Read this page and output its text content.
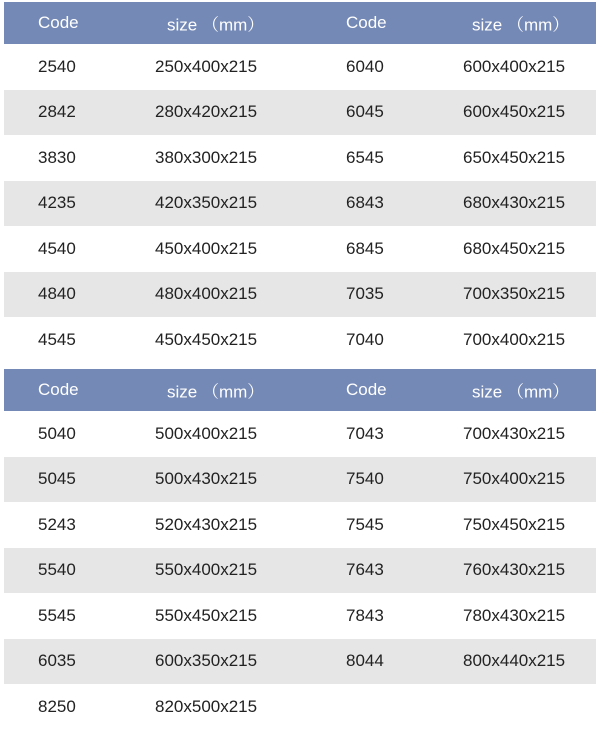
Code	size （mm）	Code	size （mm）
2540	250x400x215	6040	600x400x215
2842	280x420x215	6045	600x450x215
3830	380x300x215	6545	650x450x215
4235	420x350x215	6843	680x430x215
4540	450x400x215	6845	680x450x215
4840	480x400x215	7035	700x350x215
4545	450x450x215	7040	700x400x215
Code	size （mm）	Code	size （mm）
5040	500x400x215	7043	700x430x215
5045	500x430x215	7540	750x400x215
5243	520x430x215	7545	750x450x215
5540	550x400x215	7643	760x430x215
5545	550x450x215	7843	780x430x215
6035	600x350x215	8044	800x440x215
8250	820x500x215
